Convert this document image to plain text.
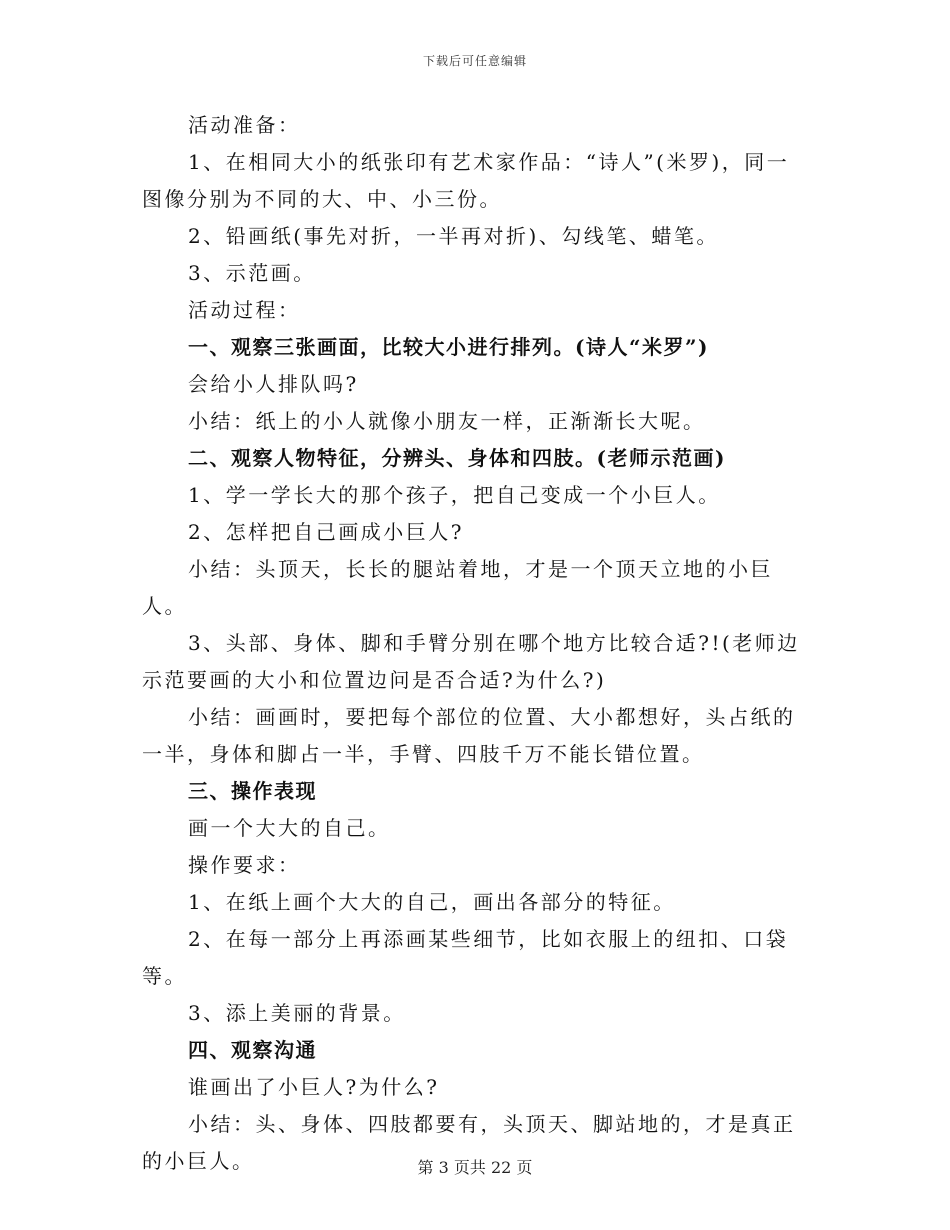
下载后可任意编辑

活动准备：

1、在相同大小的纸张印有艺术家作品：“诗人”(米罗)，同一图像分别为不同的大、中、小三份。

2、铅画纸(事先对折，一半再对折)、勾线笔、蜡笔。

3、示范画。

活动过程：

一、观察三张画面，比较大小进行排列。(诗人“米罗”)

会给小人排队吗?

小结：纸上的小人就像小朋友一样，正渐渐长大呢。

二、观察人物特征，分辨头、身体和四肢。(老师示范画)

1、学一学长大的那个孩子，把自己变成一个小巨人。

2、怎样把自己画成小巨人?

小结：头顶天，长长的腿站着地，才是一个顶天立地的小巨人。

3、头部、身体、脚和手臂分别在哪个地方比较合适?!(老师边示范要画的大小和位置边问是否合适?为什么?)

小结：画画时，要把每个部位的位置、大小都想好，头占纸的一半，身体和脚占一半，手臂、四肢千万不能长错位置。

三、操作表现

画一个大大的自己。

操作要求：

1、在纸上画个大大的自己，画出各部分的特征。

2、在每一部分上再添画某些细节，比如衣服上的纽扣、口袋等。

3、添上美丽的背景。

四、观察沟通

谁画出了小巨人?为什么?

小结：头、身体、四肢都要有，头顶天、脚站地的，才是真正的小巨人。	第 3 页共 22 页
